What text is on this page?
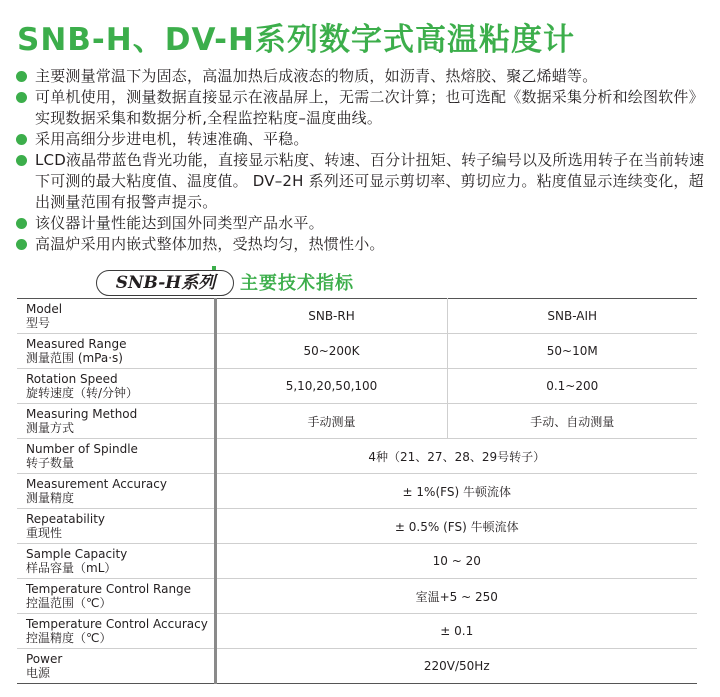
SNB-H、DV-H系列数字式高温粘度计
主要测量常温下为固态，高温加热后成液态的物质，如沥青、热熔胶、聚乙烯蜡等。
可单机使用，测量数据直接显示在液晶屏上，无需二次计算；也可选配《数据采集分析和绘图软件》实现数据采集和数据分析,全程监控粘度–温度曲线。
采用高细分步进电机，转速准确、平稳。
LCD液晶带蓝色背光功能，直接显示粘度、转速、百分计扭矩、转子编号以及所选用转子在当前转速下可测的最大粘度值、温度值。 DV–2H 系列还可显示剪切率、剪切应力。粘度值显示连续变化，超出测量范围有报警声提示。
该仪器计量性能达到国外同类型产品水平。
高温炉采用内嵌式整体加热，受热均匀，热惯性小。
SNB-H系列	主要技术指标
Model
型号	SNB-RH	SNB-AIH

Measured Range
测量范围 (mPa·s)	50~200K	50~10M

Rotation Speed
旋转速度（转/分钟）	5,10,20,50,100	0.1~200

Measuring Method
测量方式	手动测量	手动、自动测量

Number of Spindle
转子数量	4种（21、27、28、29号转子）	

Measurement Accuracy
测量精度	± 1%(FS) 牛顿流体	

Repeatability
重现性	± 0.5% (FS) 牛顿流体	

Sample Capacity
样品容量（mL）	10 ~ 20	

Temperature Control Range
控温范围（℃）	室温+5 ~ 250	

Temperature Control Accuracy
控温精度（℃）	± 0.1	

Power
电源	220V/50Hz	
